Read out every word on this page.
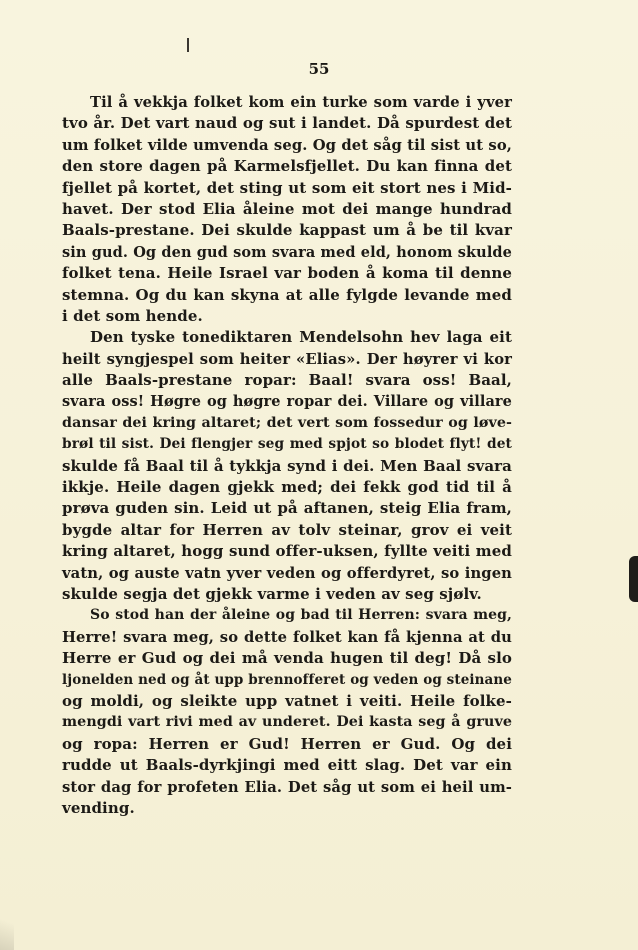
55
Til å vekkja folket kom ein turke som varde i yver
tvo år. Det vart naud og sut i landet. Då spurdest det
um folket vilde umvenda seg. Og det såg til sist ut so,
den store dagen på Karmelsfjellet. Du kan finna det
fjellet på kortet, det sting ut som eit stort nes i Mid-
havet. Der stod Elia åleine mot dei mange hundrad
Baals-prestane. Dei skulde kappast um å be til kvar
sin gud. Og den gud som svara med eld, honom skulde
folket tena. Heile Israel var boden å koma til denne
stemna. Og du kan skyna at alle fylgde levande med
i det som hende.
Den tyske tonediktaren Mendelsohn hev laga eit
heilt syngjespel som heiter «Elias». Der høyrer vi kor
alle Baals-prestane ropar: Baal! svara oss! Baal,
svara oss! Høgre og høgre ropar dei. Villare og villare
dansar dei kring altaret; det vert som fossedur og løve-
brøl til sist. Dei flengjer seg med spjot so blodet flyt! det
skulde få Baal til å tykkja synd i dei. Men Baal svara
ikkje. Heile dagen gjekk med; dei fekk god tid til å
prøva guden sin. Leid ut på aftanen, steig Elia fram,
bygde altar for Herren av tolv steinar, grov ei veit
kring altaret, hogg sund offer-uksen, fyllte veiti med
vatn, og auste vatn yver veden og offerdyret, so ingen
skulde segja det gjekk varme i veden av seg sjølv.
So stod han der åleine og bad til Herren: svara meg,
Herre! svara meg, so dette folket kan få kjenna at du
Herre er Gud og dei må venda hugen til deg! Då slo
ljonelden ned og åt upp brennofferet og veden og steinane
og moldi, og sleikte upp vatnet i veiti. Heile folke-
mengdi vart rivi med av underet. Dei kasta seg å gruve
og ropa: Herren er Gud! Herren er Gud. Og dei
rudde ut Baals-dyrkjingi med eitt slag. Det var ein
stor dag for profeten Elia. Det såg ut som ei heil um-
vending.
